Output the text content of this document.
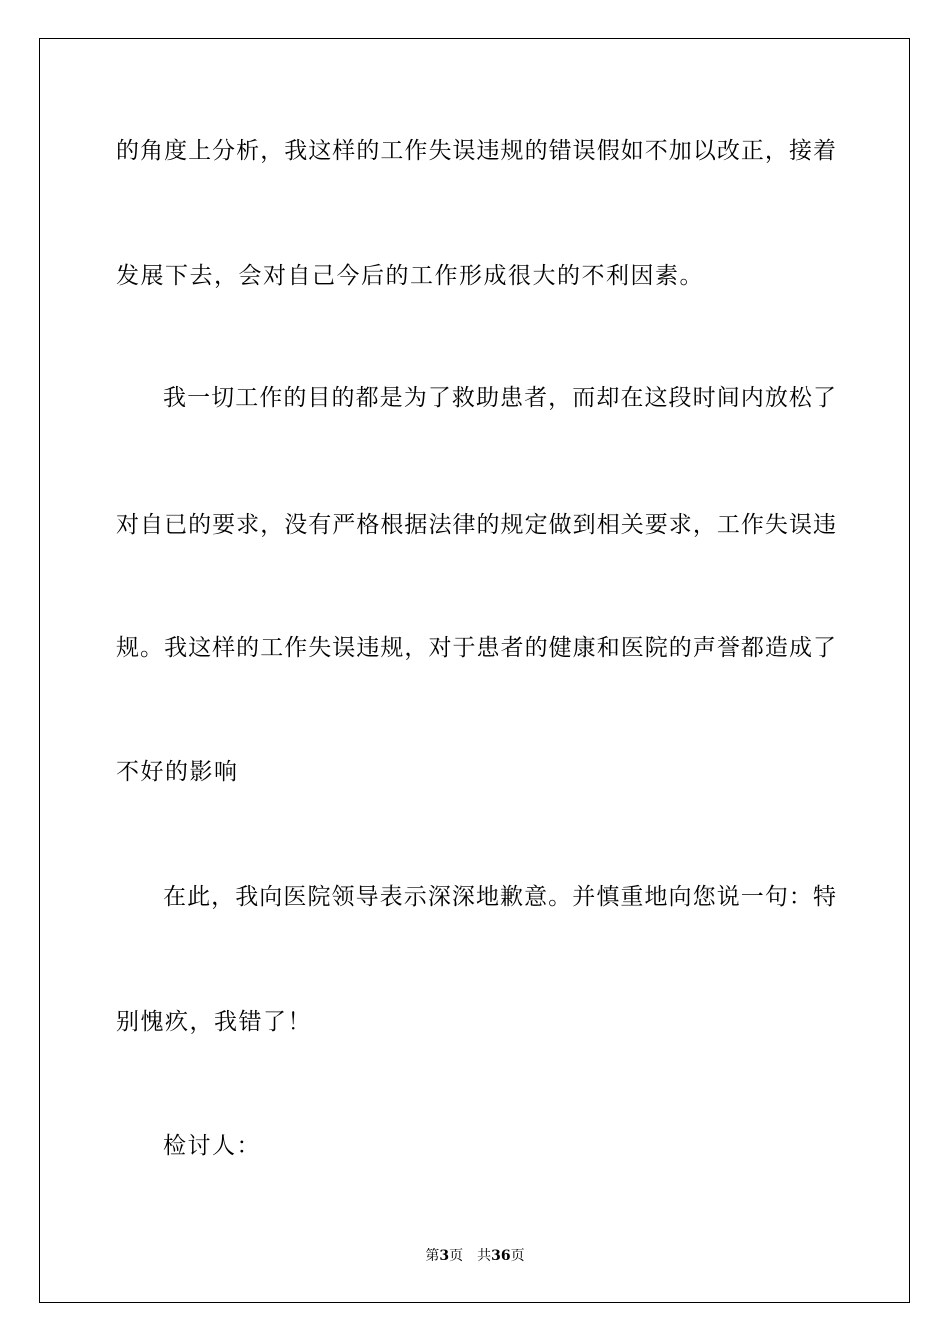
的角度上分析，我这样的工作失误违规的错误假如不加以改正，接着
发展下去，会对自己今后的工作形成很大的不利因素。
我一切工作的目的都是为了救助患者，而却在这段时间内放松了
对自已的要求，没有严格根据法律的规定做到相关要求，工作失误违
规。我这样的工作失误违规，对于患者的健康和医院的声誉都造成了
不好的影响
在此，我向医院领导表示深深地歉意。并慎重地向您说一句：特
别愧疚，我错了！
检讨人：
第3页 共36页
